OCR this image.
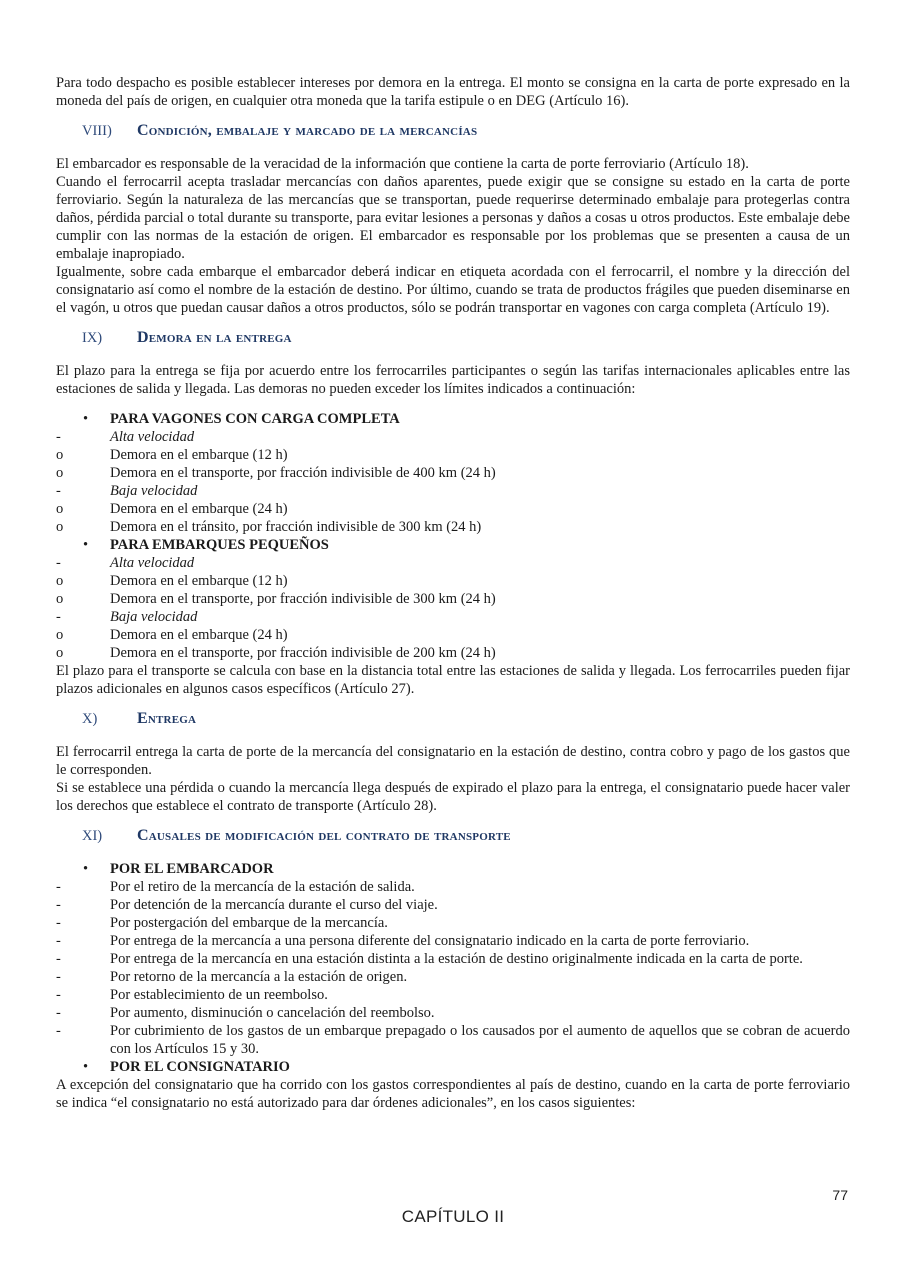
Para todo despacho es posible establecer intereses por demora en la entrega. El monto se consigna en la carta de porte expresado en la moneda del país de origen, en cualquier otra moneda que la tarifa estipule o en DEG (Artículo 16).

VIII)	Condición, embalaje y marcado de la mercancías

El embarcador es responsable de la veracidad de la información que contiene la carta de porte ferroviario (Artículo 18).

Cuando el ferrocarril acepta trasladar mercancías con daños aparentes, puede exigir que se consigne su estado en la carta de porte ferroviario. Según la naturaleza de las mercancías que se transportan, puede requerirse determinado embalaje para protegerlas contra daños, pérdida parcial o total durante su transporte, para evitar lesiones a personas y daños a cosas u otros productos. Este embalaje debe cumplir con las normas de la estación de origen. El embarcador es responsable por los problemas que se presenten a causa de un embalaje inapropiado.

Igualmente, sobre cada embarque el embarcador deberá indicar en etiqueta acordada con el ferrocarril, el nombre y la dirección del consignatario así como el nombre de la estación de destino. Por último, cuando se trata de productos frágiles que pueden diseminarse en el vagón, u otros que puedan causar daños a otros productos, sólo se podrán transportar en vagones con carga completa (Artículo 19).

IX)	Demora en la entrega

El plazo para la entrega se fija por acuerdo entre los ferrocarriles participantes o según las tarifas internacionales aplicables entre las estaciones de salida y llegada. Las demoras no pueden exceder los límites indicados a continuación:

•	PARA VAGONES CON CARGA COMPLETA
-	Alta velocidad
o	Demora en el embarque (12 h)
o	Demora en el transporte, por fracción indivisible de 400 km (24 h)
-	Baja velocidad
o	Demora en el embarque (24 h)
o	Demora en el tránsito, por fracción indivisible de 300 km (24 h)
•	PARA EMBARQUES PEQUEÑOS
-	Alta velocidad
o	Demora en el embarque (12 h)
o	Demora en el transporte, por fracción indivisible de 300 km (24 h)
-	Baja velocidad
o	Demora en el embarque (24 h)
o	Demora en el transporte, por fracción indivisible de 200 km (24 h)

El plazo para el transporte se calcula con base en la distancia total entre las estaciones de salida y llegada. Los ferrocarriles pueden fijar plazos adicionales en algunos casos específicos (Artículo 27).

X)	Entrega

El ferrocarril entrega la carta de porte de la mercancía del consignatario en la estación de destino, contra cobro y pago de los gastos que le corresponden.

Si se establece una pérdida o cuando la mercancía llega después de expirado el plazo para la entrega, el consignatario puede hacer valer los derechos que establece el contrato de transporte (Artículo 28).

XI)	Causales de modificación del contrato de transporte
•	POR EL EMBARCADOR
-	Por el retiro de la mercancía de la estación de salida.
-	Por detención de la mercancía durante el curso del viaje.
-	Por postergación del embarque de la mercancía.
-	Por entrega de la mercancía a una persona diferente del consignatario indicado en la carta de porte ferroviario.
-	Por entrega de la mercancía en una estación distinta a la estación de destino originalmente indicada en la carta de porte.
-	Por retorno de la mercancía a la estación de origen.
-	Por establecimiento de un reembolso.
-	Por aumento, disminución o cancelación del reembolso.
-	Por cubrimiento de los gastos de un embarque prepagado o los causados por el aumento de aquellos que se cobran de acuerdo con los Artículos 15 y 30.
•	POR EL CONSIGNATARIO

A excepción del consignatario que ha corrido con los gastos correspondientes al país de destino, cuando en la carta de porte ferroviario se indica “el consignatario no está autorizado para dar órdenes adicionales”, en los casos siguientes:

77
CAPÍTULO II
